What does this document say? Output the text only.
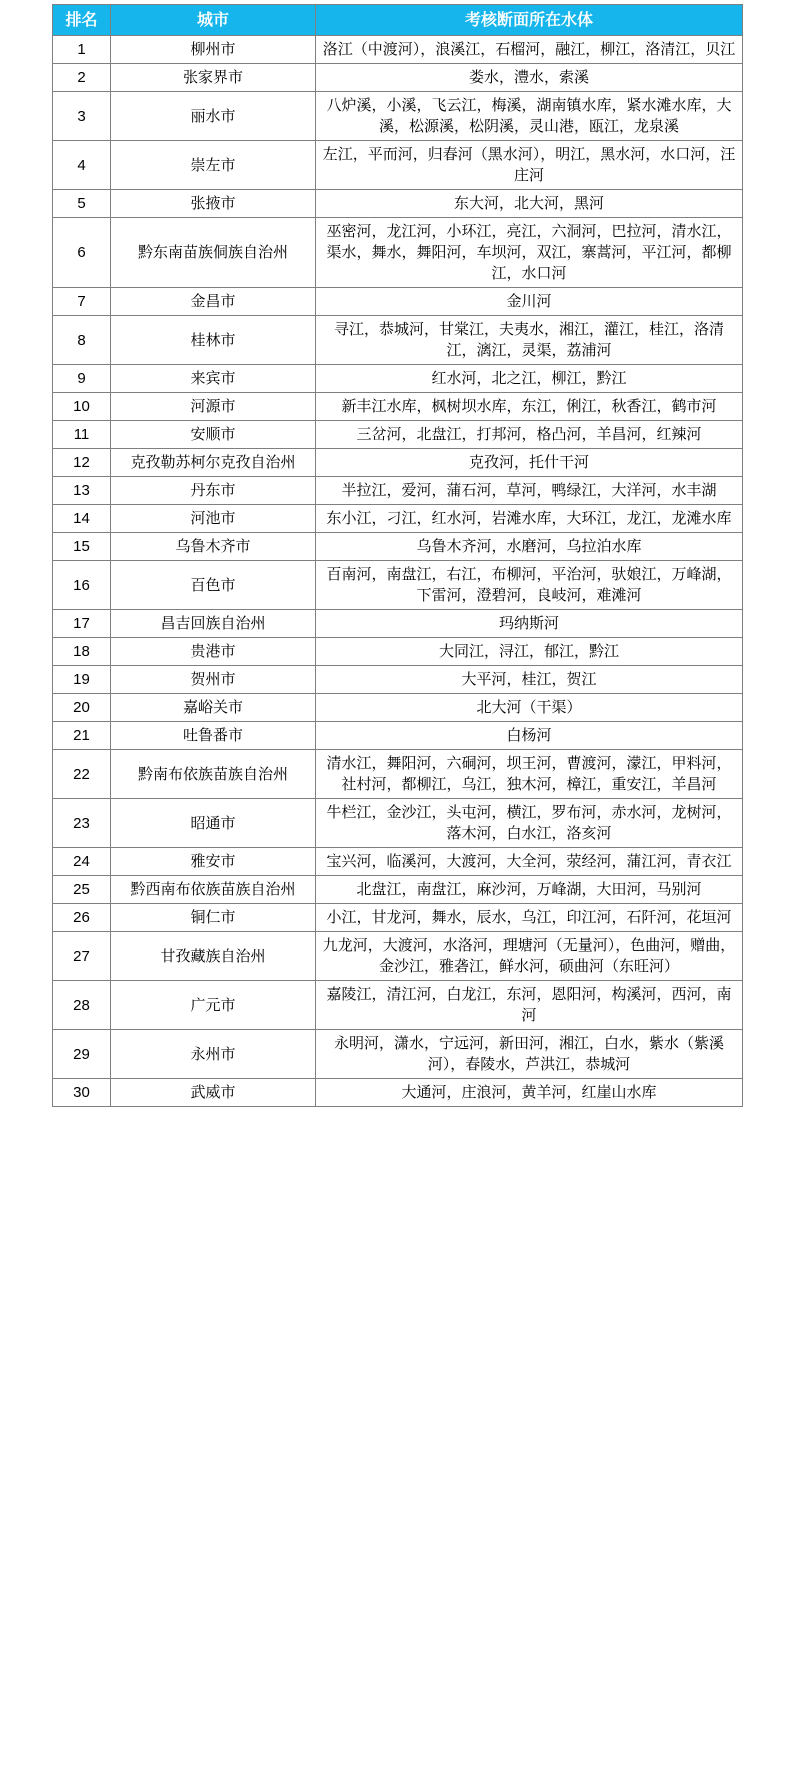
排名	城市	考核断面所在水体
1	柳州市	洛江（中渡河），浪溪江，石榴河，融江，柳江，洛清江，贝江
2	张家界市	娄水，澧水，索溪
3	丽水市	八炉溪，小溪，飞云江，梅溪，湖南镇水库，紧水滩水库，大溪，松源溪，松阴溪，灵山港，瓯江，龙泉溪
4	崇左市	左江，平而河，归春河（黑水河），明江，黑水河，水口河，汪庄河
5	张掖市	东大河，北大河，黑河
6	黔东南苗族侗族自治州	巫密河，龙江河，小环江，亮江，六洞河，巴拉河，清水江，渠水，舞水，舞阳河，车坝河，双江，寨蒿河，平江河，都柳江，水口河
7	金昌市	金川河
8	桂林市	寻江，恭城河，甘棠江，夫夷水，湘江，灌江，桂江，洛清江，漓江，灵渠，荔浦河
9	来宾市	红水河，北之江，柳江，黔江
10	河源市	新丰江水库，枫树坝水库，东江，俐江，秋香江，鹤市河
11	安顺市	三岔河，北盘江，打邦河，格凸河，羊昌河，红辣河
12	克孜勒苏柯尔克孜自治州	克孜河，托什干河
13	丹东市	半拉江，爱河，蒲石河，草河，鸭绿江，大洋河，水丰湖
14	河池市	东小江，刁江，红水河，岩滩水库，大环江，龙江，龙滩水库
15	乌鲁木齐市	乌鲁木齐河，水磨河，乌拉泊水库
16	百色市	百南河，南盘江，右江，布柳河，平治河，驮娘江，万峰湖，下雷河，澄碧河，良岐河，难滩河
17	昌吉回族自治州	玛纳斯河
18	贵港市	大同江，浔江，郁江，黔江
19	贺州市	大平河，桂江，贺江
20	嘉峪关市	北大河（干渠）
21	吐鲁番市	白杨河
22	黔南布依族苗族自治州	清水江，舞阳河，六硐河，坝王河，曹渡河，濛江，甲料河，社村河，都柳江，乌江，独木河，樟江，重安江，羊昌河
23	昭通市	牛栏江，金沙江，头屯河，横江，罗布河，赤水河，龙树河，落木河，白水江，洛亥河
24	雅安市	宝兴河，临溪河，大渡河，大全河，荥经河，蒲江河，青衣江
25	黔西南布依族苗族自治州	北盘江，南盘江，麻沙河，万峰湖，大田河，马别河
26	铜仁市	小江，甘龙河，舞水，辰水，乌江，印江河，石阡河，花垣河
27	甘孜藏族自治州	九龙河，大渡河，水洛河，理塘河（无量河），色曲河，赠曲，金沙江，雅砻江，鲜水河，硕曲河（东旺河）
28	广元市	嘉陵江，清江河，白龙江，东河，恩阳河，构溪河，西河，南河
29	永州市	永明河，潇水，宁远河，新田河，湘江，白水，紫水（紫溪河），春陵水，芦洪江，恭城河
30	武威市	大通河，庄浪河，黄羊河，红崖山水库
